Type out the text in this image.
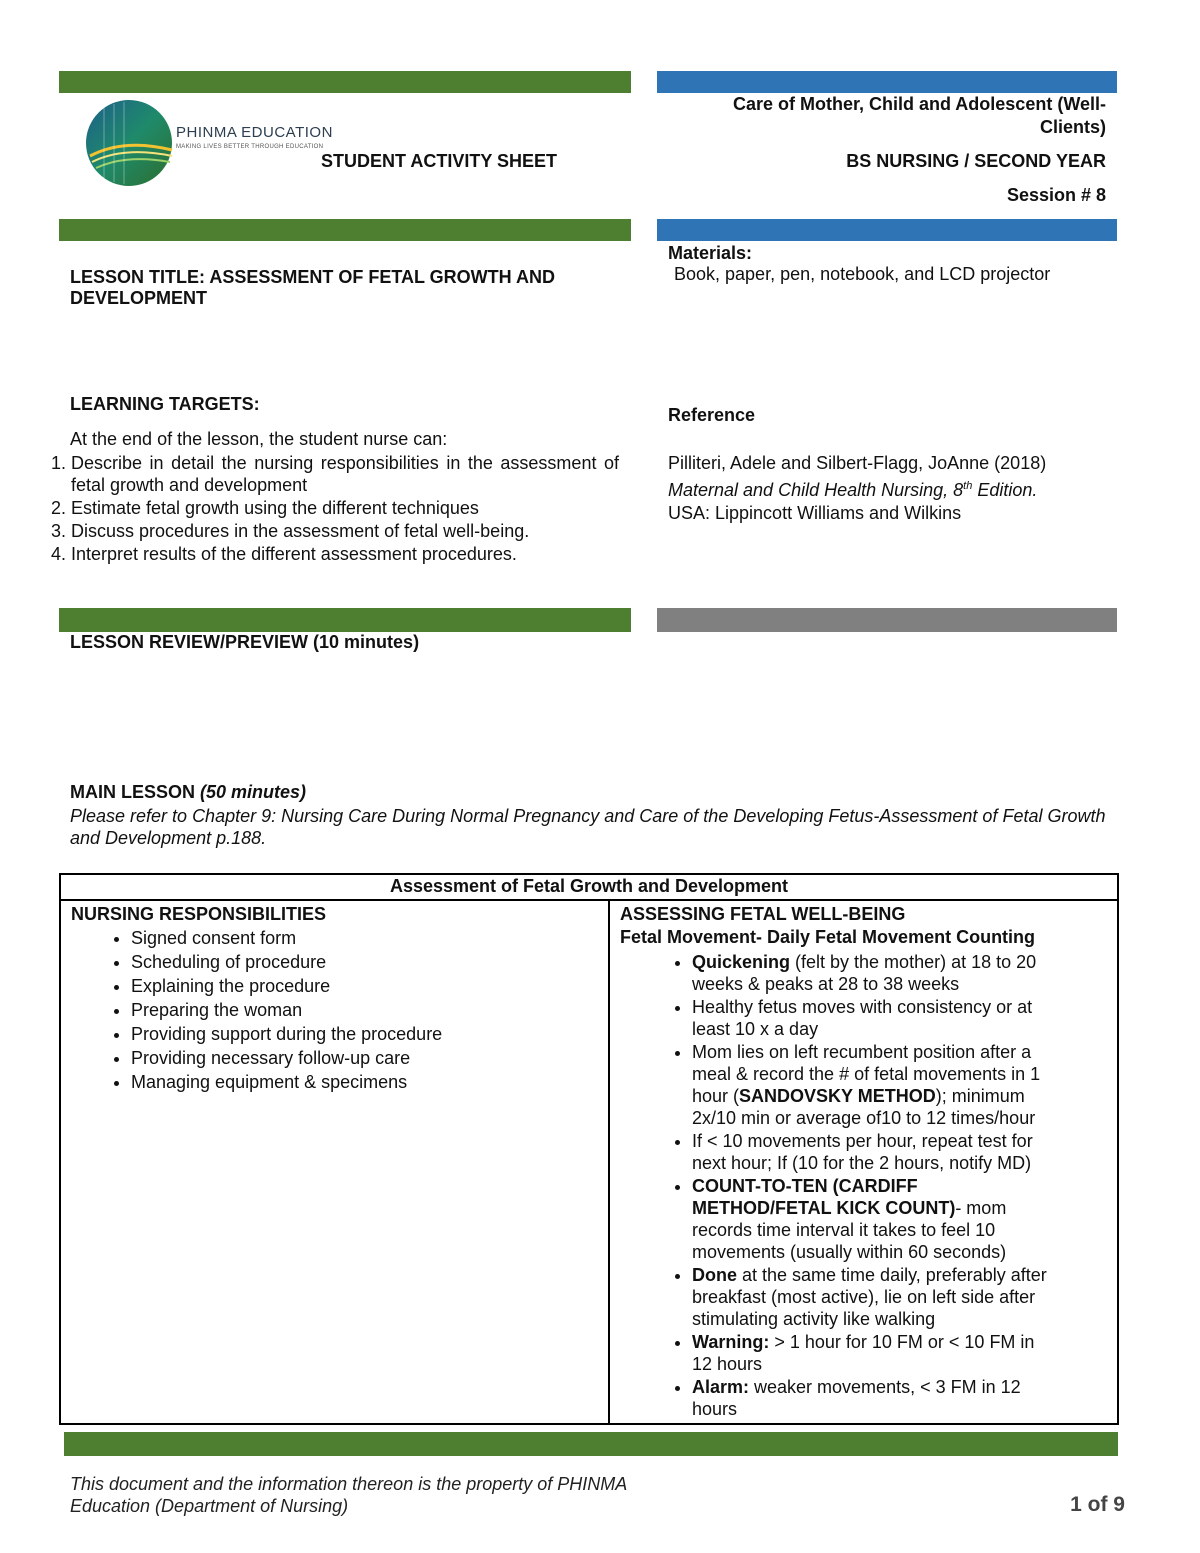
PHINMA EDUCATION
MAKING LIVES BETTER THROUGH EDUCATION
STUDENT ACTIVITY SHEET
Care of Mother, Child and Adolescent (Well-
Clients)
BS NURSING / SECOND YEAR
Session # 8
LESSON TITLE: ASSESSMENT OF FETAL GROWTH AND
DEVELOPMENT
Materials:
Book, paper, pen, notebook, and LCD projector
LEARNING TARGETS:
At the end of the lesson, the student nurse can:
1. Describe in detail the nursing responsibilities in the assessment of fetal growth and development
2. Estimate fetal growth using the different techniques
3. Discuss procedures in the assessment of fetal well-being.
4. Interpret results of the different assessment procedures.
Reference
Pilliteri, Adele and Silbert-Flagg, JoAnne (2018)
Maternal and Child Health Nursing, 8th Edition.
USA: Lippincott Williams and Wilkins
LESSON REVIEW/PREVIEW (10 minutes)
MAIN LESSON (50 minutes)
Please refer to Chapter 9: Nursing Care During Normal Pregnancy and Care of the Developing Fetus-Assessment of Fetal Growth and Development p.188.
Assessment of Fetal Growth and Development

NURSING RESPONSIBILITIES
• Signed consent form
• Scheduling of procedure
• Explaining the procedure
• Preparing the woman
• Providing support during the procedure
• Providing necessary follow-up care
• Managing equipment & specimens

ASSESSING FETAL WELL-BEING
Fetal Movement- Daily Fetal Movement Counting
• Quickening (felt by the mother) at 18 to 20 weeks & peaks at 28 to 38 weeks
• Healthy fetus moves with consistency or at least 10 x a day
• Mom lies on left recumbent position after a meal & record the # of fetal movements in 1 hour (SANDOVSKY METHOD); minimum 2x/10 min or average of10 to 12 times/hour
• If < 10 movements per hour, repeat test for next hour; If (10 for the 2 hours, notify MD)
• COUNT-TO-TEN (CARDIFF METHOD/FETAL KICK COUNT)- mom records time interval it takes to feel 10 movements (usually within 60 seconds)
• Done at the same time daily, preferably after breakfast (most active), lie on left side after stimulating activity like walking
• Warning: > 1 hour for 10 FM or < 10 FM in 12 hours
• Alarm: weaker movements, < 3 FM in 12 hours
This document and the information thereon is the property of PHINMA Education (Department of Nursing)	1 of 9
